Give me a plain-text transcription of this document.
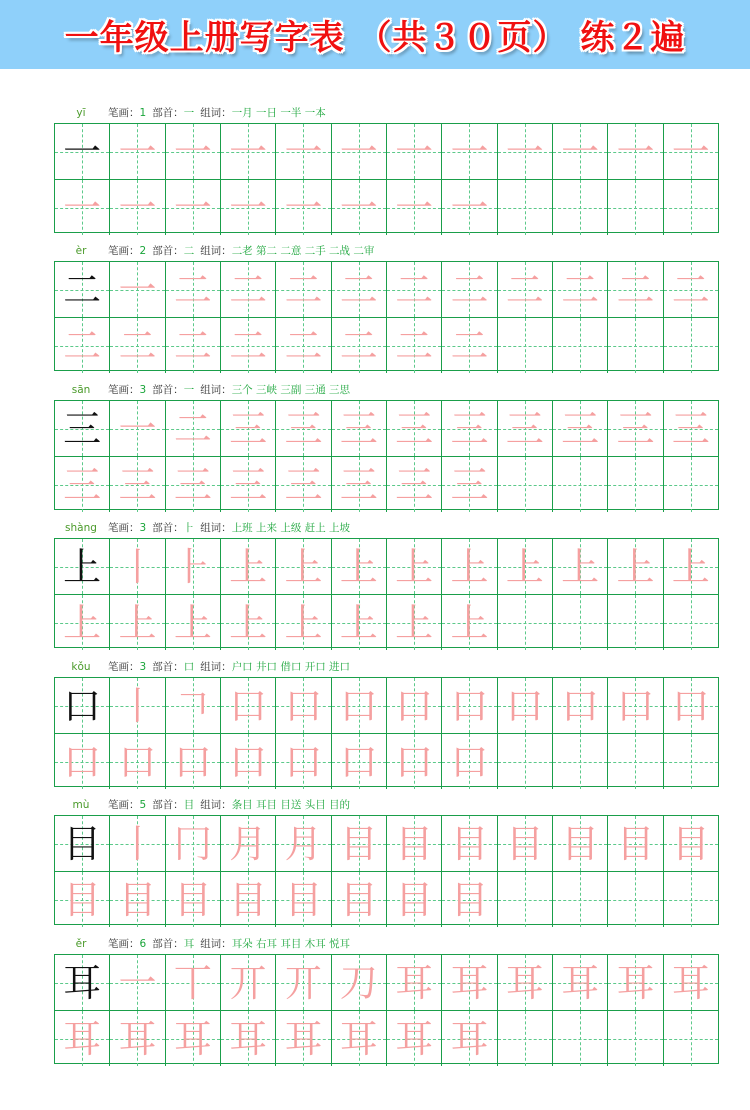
一年级上册写字表 （共３０页） 练２遍
yī 笔画：1 部首：一 组词：一月 一日 一半 一本
一 一 一 一 一 一 一 一 一 一 一 一
一 一 一 一 一 一 一 一
èr 笔画：2 部首：二 组词：二老 第二 二意 二手 二战 二审
二 一 二 二 二 二 二 二 二 二 二 二
二 二 二 二 二 二 二 二
sān 笔画：3 部首：一 组词：三个 三峡 三副 三通 三思
三 一 二 三 三 三 三 三 三 三 三 三
三 三 三 三 三 三 三 三
shàng 笔画：3 部首：⺊ 组词：上班 上来 上级 赶上 上坡
上 丨 ⺊ 上 上 上 上 上 上 上 上 上
上 上 上 上 上 上 上 上
kǒu 笔画：3 部首：口 组词：户口 井口 借口 开口 进口
口 丨 𠃍 口 口 口 口 口 口 口 口 口
口 口 口 口 口 口 口 口
mù 笔画：5 部首：目 组词：条目 耳目 目送 头目 目的
目 丨 冂 月 月 目 目 目 目 目 目 目
目 目 目 目 目 目 目 目
ěr 笔画：6 部首：耳 组词：耳朵 右耳 耳目 木耳 悦耳
耳 一 丅 丌 丌 刀 耳 耳 耳 耳 耳 耳
耳 耳 耳 耳 耳 耳 耳 耳
